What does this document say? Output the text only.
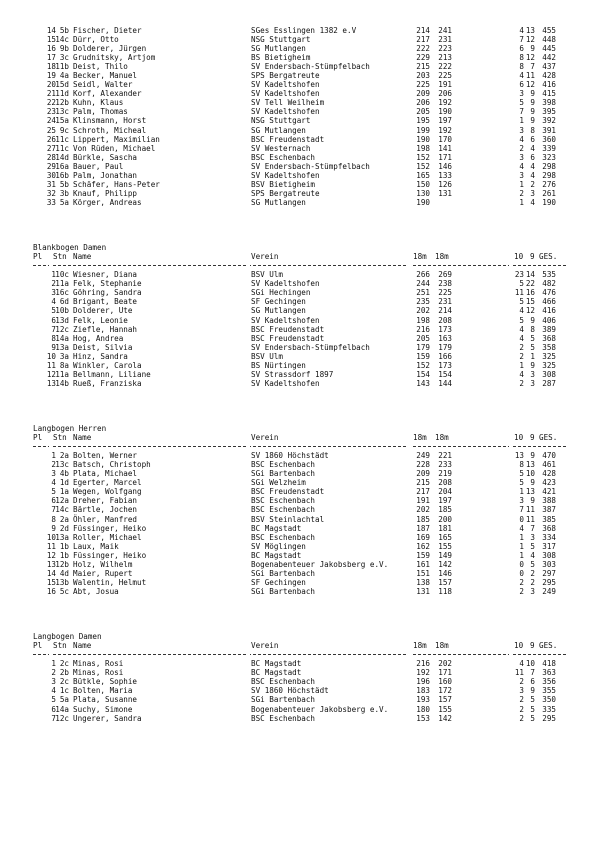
14 5b Fischer, Dieter	SGes Esslingen 1382 e.V	214	241	4 13 455
15 14c Dürr, Otto	NSG Stuttgart	217	231	7 12 448
16 9b Dolderer, Jürgen	SG Mutlangen	222	223	6 9 445
17 3c Grudnitsky, Artjom	BS Bietigheim	229	213	8 12 442
18 11b Deist, Thilo	SV Endersbach-Stümpfelbach	215	222	8 7 437
19 4a Becker, Manuel	SPS Bergatreute	203	225	4 11 428
20 15d Seidl, Walter	SV Kadeltshofen	225	191	6 12 416
21 11d Korf, Alexander	SV Kadeltshofen	209	206	3 9 415
22 12b Kuhn, Klaus	SV Tell Weilheim	206	192	5 9 398
23 13c Palm, Thomas	SV Kadeltshofen	205	190	7 9 395
24 15a Klinsmann, Horst	NSG Stuttgart	195	197	1 9 392
25 9c Schroth, Micheal	SG Mutlangen	199	192	3 8 391
26 11c Lippert, Maximilian	BSC Freudenstadt	190	170	4 6 360
27 11c Von Rüden, Michael	SV Westernach	198	141	2 4 339
28 14d Bürkle, Sascha	BSC Eschenbach	152	171	3 6 323
29 16a Bauer, Paul	SV Endersbach-Stümpfelbach	152	146	4 4 298
30 16b Palm, Jonathan	SV Kadeltshofen	165	133	3 4 298
31 5b Schäfer, Hans-Peter	BSV Bietigheim	150	126	1 2 276
32 3b Knauf, Philipp	SPS Bergatreute	130	131	2 3 261
33 5a Körger, Andreas	SG Mutlangen	190	1 4 190
Blankbogen Damen
Pl Stn Name	Verein	18m 18m	10 9 GES.
1 10c Wiesner, Diana	BSV Ulm	266	269	23 14 535
2 11a Felk, Stephanie	SV Kadeltshofen	244	238	5 22 482
3 16c Göhring, Sandra	SGi Hechingen	251	225	11 16 476
4 6d Brigant, Beate	SF Gechingen	235	231	5 15 466
5 10b Dolderer, Ute	SG Mutlangen	202	214	4 12 416
6 13d Felk, Leonie	SV Kadeltshofen	198	208	5 9 406
7 12c Ziefle, Hannah	BSC Freudenstadt	216	173	4 8 389
8 14a Hog, Andrea	BSC Freudenstadt	205	163	4 5 368
9 13a Deist, Silvia	SV Endersbach-Stümpfelbach	179	179	2 5 358
10 3a Hinz, Sandra	BSV Ulm	159	166	2 1 325
11 8a Winkler, Carola	BS Nürtingen	152	173	1 9 325
12 11a Bellmann, Liliane	SV Strassdorf 1897	154	154	4 3 308
13 14b Rueß, Franziska	SV Kadeltshofen	143	144	2 3 287
Langbogen Herren
Pl Stn Name	Verein	18m 18m	10 9 GES.
1 2a Bolten, Werner	SV 1860 Höchstädt	249	221	13 9 470
2 13c Batsch, Christoph	BSC Eschenbach	228	233	8 13 461
3 4b Plata, Michael	SGi Bartenbach	209	219	5 10 428
4 1d Egerter, Marcel	SGi Welzheim	215	208	5 9 423
5 1a Wegen, Wolfgang	BSC Freudenstadt	217	204	1 13 421
6 12a Dreher, Fabian	BSC Eschenbach	191	197	3 9 388
7 14c Bärtle, Jochen	BSC Eschenbach	202	185	7 11 387
8 2a Öhler, Manfred	BSV Steinlachtal	185	200	0 11 385
9 2d Füssinger, Heiko	BC Magstadt	187	181	4 7 368
10 13a Roller, Michael	BSC Eschenbach	169	165	1 3 334
11 1b Laux, Maik	SV Möglingen	162	155	1 5 317
12 1b Füssinger, Heiko	BC Magstadt	159	149	1 4 308
13 12b Holz, Wilhelm	Bogenabenteuer Jakobsberg e.V.	161	142	0 5 303
14 4d Maier, Rupert	SGi Bartenbach	151	146	0 2 297
15 13b Walentin, Helmut	SF Gechingen	138	157	2 2 295
16 5c Abt, Josua	SGi Bartenbach	131	118	2 3 249
Langbogen Damen
Pl Stn Name	Verein	18m 18m	10 9 GES.
1 2c Minas, Rosi	BC Magstadt	216	202	4 10 418
2 2b Minas, Rosi	BC Magstadt	192	171	11 7 363
3 2c Bütkle, Sophie	BSC Eschenbach	196	160	2 6 356
4 1c Bolten, Maria	SV 1860 Höchstädt	183	172	3 9 355
5 5a Plata, Susanne	SGi Bartenbach	193	157	2 5 350
6 14a Suchy, Simone	Bogenabenteuer Jakobsberg e.V.	180	155	2 5 335
7 12c Ungerer, Sandra	BSC Eschenbach	153	142	2 5 295
